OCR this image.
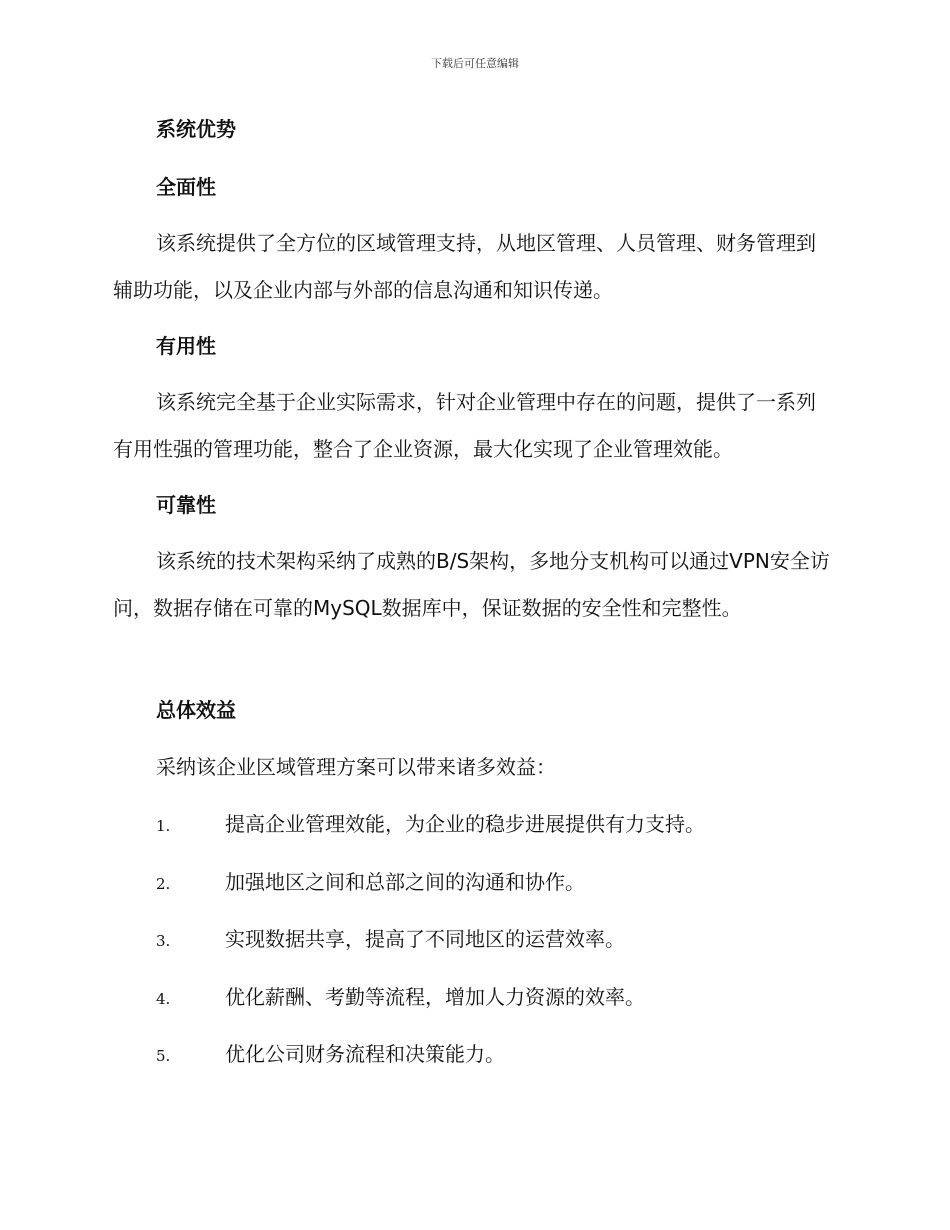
下载后可任意编辑
系统优势
全面性

该系统提供了全方位的区域管理支持，从地区管理、人员管理、财务管理到辅助功能，以及企业内部与外部的信息沟通和知识传递。

有用性

该系统完全基于企业实际需求，针对企业管理中存在的问题，提供了一系列有用性强的管理功能，整合了企业资源，最大化实现了企业管理效能。

可靠性

该系统的技术架构采纳了成熟的B/S架构，多地分支机构可以通过VPN安全访问，数据存储在可靠的MySQL数据库中，保证数据的安全性和完整性。

总体效益
采纳该企业区域管理方案可以带来诸多效益：
1.	提高企业管理效能，为企业的稳步进展提供有力支持。
2.	加强地区之间和总部之间的沟通和协作。
3.	实现数据共享，提高了不同地区的运营效率。
4.	优化薪酬、考勤等流程，增加人力资源的效率。
5.	优化公司财务流程和决策能力。
